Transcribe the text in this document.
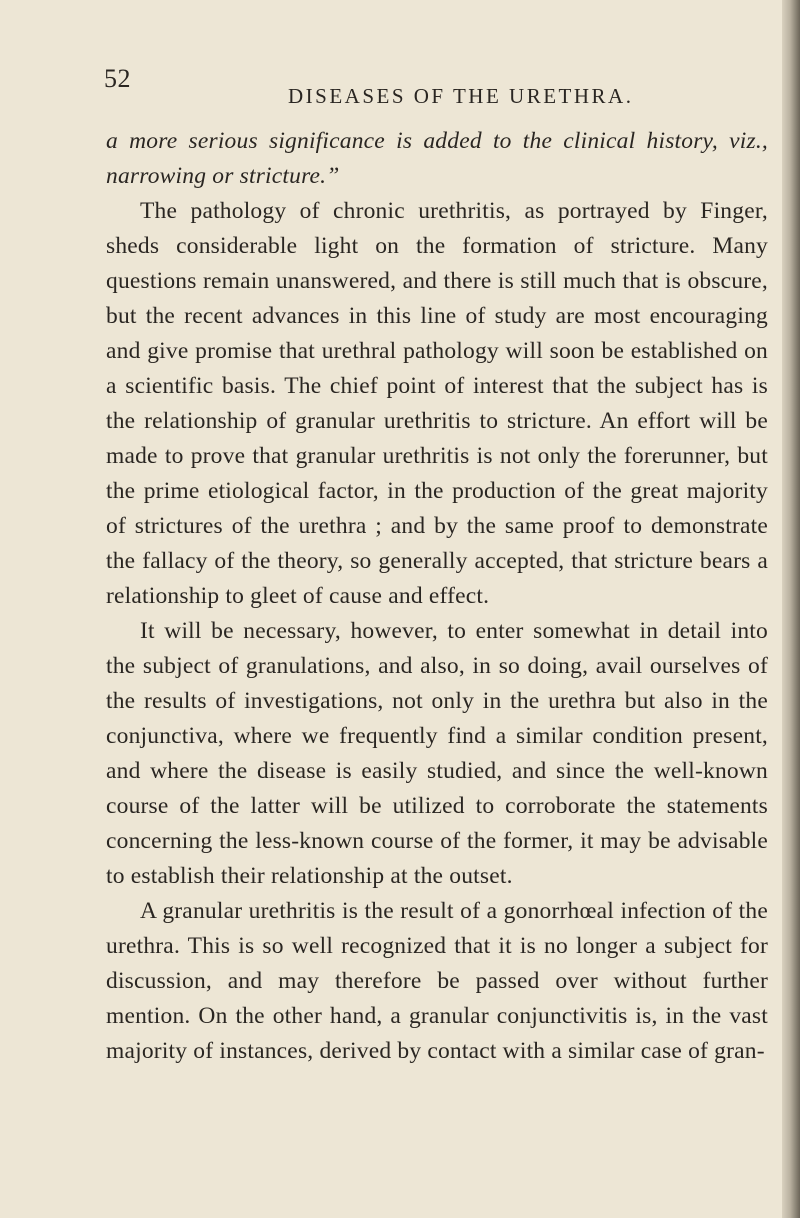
52
DISEASES OF THE URETHRA.

a more serious significance is added to the clinical history, viz., narrowing or stricture.”

The pathology of chronic urethritis, as portrayed by Finger, sheds considerable light on the formation of stricture. Many questions remain unanswered, and there is still much that is obscure, but the recent advances in this line of study are most encouraging and give promise that urethral pathology will soon be established on a scientific basis. The chief point of interest that the subject has is the relationship of granular urethritis to stricture. An effort will be made to prove that granular urethritis is not only the forerunner, but the prime etiological factor, in the production of the great majority of strictures of the urethra ; and by the same proof to demonstrate the fallacy of the theory, so generally accepted, that stricture bears a relationship to gleet of cause and effect.

It will be necessary, however, to enter somewhat in detail into the subject of granulations, and also, in so doing, avail ourselves of the results of investigations, not only in the urethra but also in the conjunctiva, where we frequently find a similar condition present, and where the disease is easily studied, and since the well-known course of the latter will be utilized to corroborate the statements concerning the less-known course of the former, it may be advisable to establish their relationship at the outset.

A granular urethritis is the result of a gonorrhœal infection of the urethra. This is so well recognized that it is no longer a subject for discussion, and may therefore be passed over without further mention. On the other hand, a granular conjunctivitis is, in the vast majority of instances, derived by contact with a similar case of gran-
